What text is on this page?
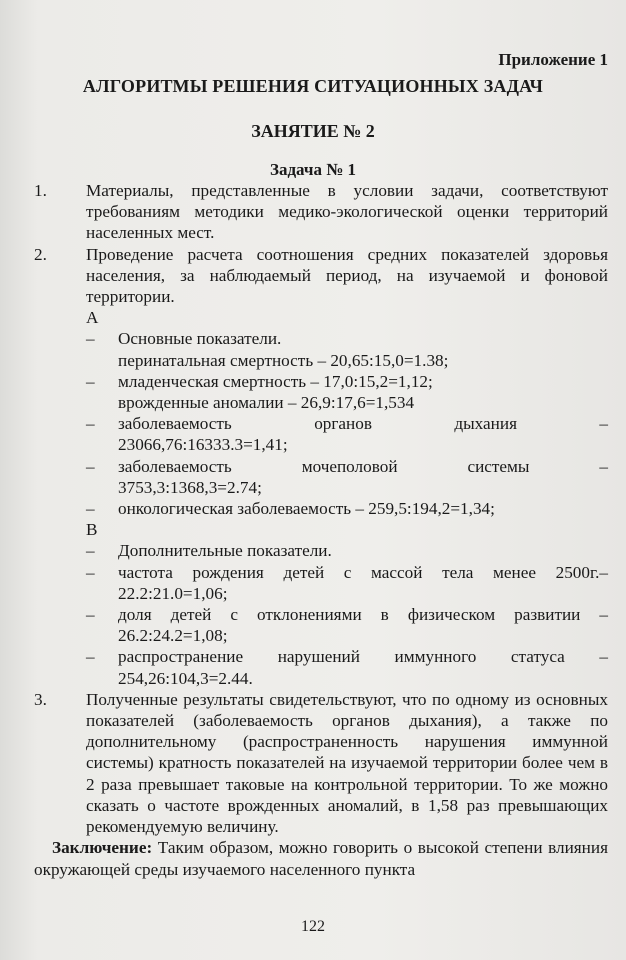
Приложение 1
АЛГОРИТМЫ РЕШЕНИЯ СИТУАЦИОННЫХ ЗАДАЧ
ЗАНЯТИЕ № 2
Задача № 1
1.	Материалы, представленные в условии задачи, соответствуют требованиям методики медико-экологической оценки территорий населенных мест.
2.	Проведение расчета соотношения средних показателей здоровья населения, за наблюдаемый период, на изучаемой и фоновой территории.
А
–	Основные показатели.
перинатальная смертность – 20,65:15,0=1.38;
–	младенческая смертность – 17,0:15,2=1,12;
врожденные аномалии – 26,9:17,6=1,534
–	заболеваемость	органов	дыхания	–
23066,76:16333.3=1,41;
–	заболеваемость	мочеполовой	системы	–
3753,3:1368,3=2.74;
–	онкологическая заболеваемость – 259,5:194,2=1,34;
В
–	Дополнительные показатели.
–	частота рождения детей с массой тела менее 2500г.– 22.2:21.0=1,06;
–	доля детей с отклонениями в физическом развитии – 26.2:24.2=1,08;
–	распространение нарушений иммунного статуса – 254,26:104,3=2.44.
3.	Полученные результаты свидетельствуют, что по одному из основных показателей (заболеваемость органов дыхания), а также по дополнительному (распространенность нарушения иммунной системы) кратность показателей на изучаемой территории более чем в 2 раза превышает таковые на контрольной территории. То же можно сказать о частоте врожденных аномалий, в 1,58 раз превышающих рекомендуемую величину.
Заключение: Таким образом, можно говорить о высокой степени влияния окружающей среды изучаемого населенного пункта
122
